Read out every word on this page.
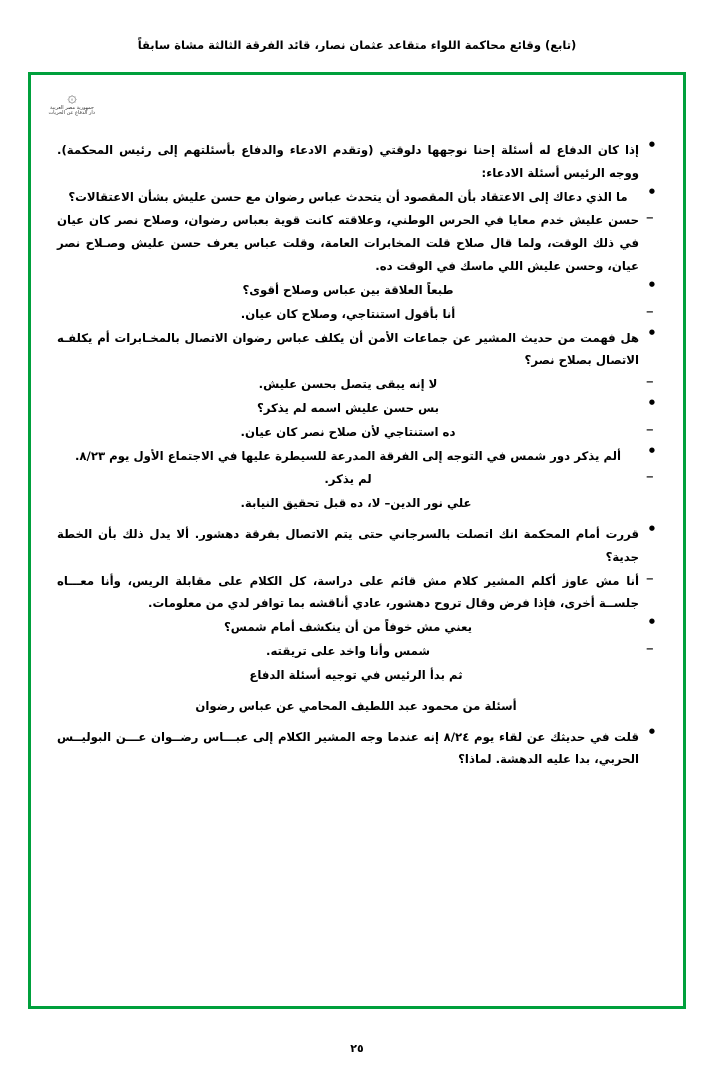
(تابع) وقائع محاكمة اللواء متقاعد عثمان نصار، قائد الفرقة الثالثة مشاة سابقاً
۞
جمهورية مصر العربية
دار الدفاع عن الحريات

● إذا كان الدفاع له أسئلة إحنا نوجهها دلوقتي (وتقدم الادعاء والدفاع بأسئلتهم إلى رئيس المحكمة). ووجه الرئيس أسئلة الادعاء:

● ما الذي دعاك إلى الاعتقاد بأن المقصود أن يتحدث عباس رضوان مع حسن عليش بشأن الاعتقالات؟

− حسن عليش خدم معايا في الحرس الوطني، وعلاقته كانت قوية بعباس رضوان، وصلاح نصر كان عيان في ذلك الوقت، ولما قال صلاح قلت المخابرات العامة، وقلت عباس يعرف حسن عليش وصـلاح نصر عيان، وحسن عليش اللي ماسك في الوقت ده.

● طبعاً العلاقة بين عباس وصلاح أقوى؟

− أنا بأقول استنتاجي، وصلاح كان عيان.

● هل فهمت من حديث المشير عن جماعات الأمن أن يكلف عباس رضوان الاتصال بالمخـابرات أم يكلفـه الاتصال بصلاح نصر؟

− لا إنه يبقى يتصل بحسن عليش.

● بس حسن عليش اسمه لم يذكر؟

− ده استنتاجي لأن صلاح نصر كان عيان.

● ألم يذكر دور شمس في التوجه إلى الفرقة المدرعة للسيطرة عليها في الاجتماع الأول يوم ٨/٢٣.

− لم يذكر.

علي نور الدين– لا، ده قبل تحقيق النيابة.

● قررت أمام المحكمة انك اتصلت بالسرجاني حتى يتم الاتصال بفرقة دهشور. ألا يدل ذلك بأن الخطة جدية؟

− أنا مش عاوز أكلم المشير كلام مش قائم على دراسة، كل الكلام على مقابلة الريس، وأنا معـــاه جلســة أخرى، فإذا فرض وقال تروح دهشور، عادي أناقشه بما توافر لدي من معلومات.

● يعني مش خوفاً من أن ينكشف أمام شمس؟

− شمس وأنا واخد على تريقته.

ثم بدأ الرئيس في توجيه أسئلة الدفاع

أسئلة من محمود عبد اللطيف المحامي عن عباس رضوان

● قلت في حديثك عن لقاء يوم ٨/٢٤ إنه عندما وجه المشير الكلام إلى عبـــاس رضــوان عـــن البوليــس الحربي، بدا عليه الدهشة. لماذا؟

٢٥
